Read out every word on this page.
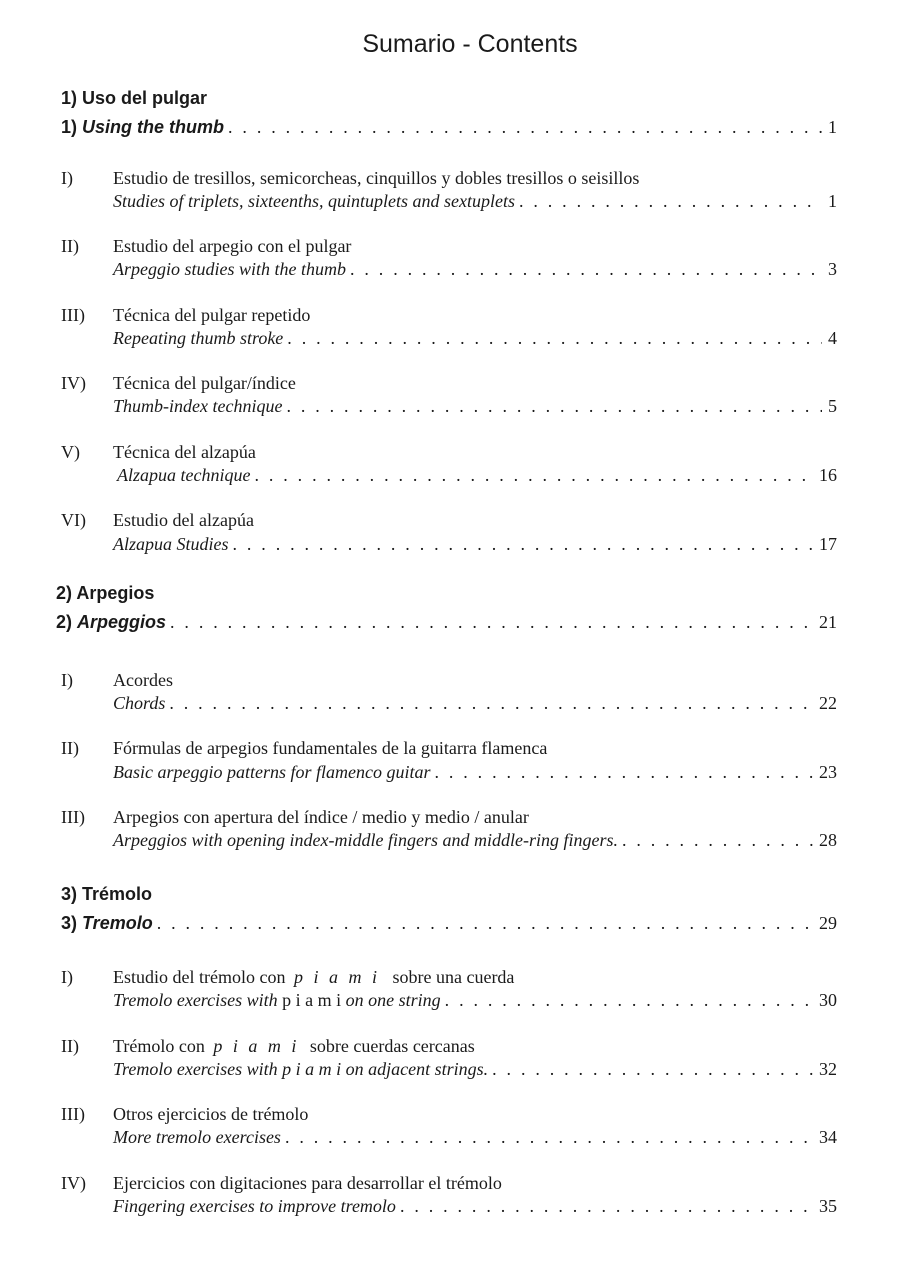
Sumario - Contents
1) Uso del pulgar
1) Using the thumb . . .	1
I) Estudio de tresillos, semicorcheas, cinquillos y dobles tresillos o seisillos
Studies of triplets, sixteenths, quintuplets and sextuplets . . .	1
II) Estudio del arpegio con el pulgar
Arpeggio studies with the thumb . . .	3
III) Técnica del pulgar repetido
Repeating thumb stroke . . .	4
IV) Técnica del pulgar/índice
Thumb-index technique . . .	5
V) Técnica del alzapúa
Alzapua technique . . .	16
VI) Estudio del alzapúa
Alzapua Studies . . .	17
2) Arpegios
2) Arpeggios . . .	21
I) Acordes
Chords . . .	22
II) Fórmulas de arpegios fundamentales de la guitarra flamenca
Basic arpeggio patterns for flamenco guitar . . .	23
III) Arpegios con apertura del índice / medio y medio / anular
Arpeggios with opening index-middle fingers and middle-ring fingers. . . .	28
3) Trémolo
3) Tremolo . . .	29
I) Estudio del trémolo con p i a m i sobre una cuerda
Tremolo exercises with p i a m i on one string . . .	30
II) Trémolo con p i a m i sobre cuerdas cercanas
Tremolo exercises with p i a m i on adjacent strings. . . .	32
III) Otros ejercicios de trémolo
More tremolo exercises . . .	34
IV) Ejercicios con digitaciones para desarrollar el trémolo
Fingering exercises to improve tremolo . . .	35
